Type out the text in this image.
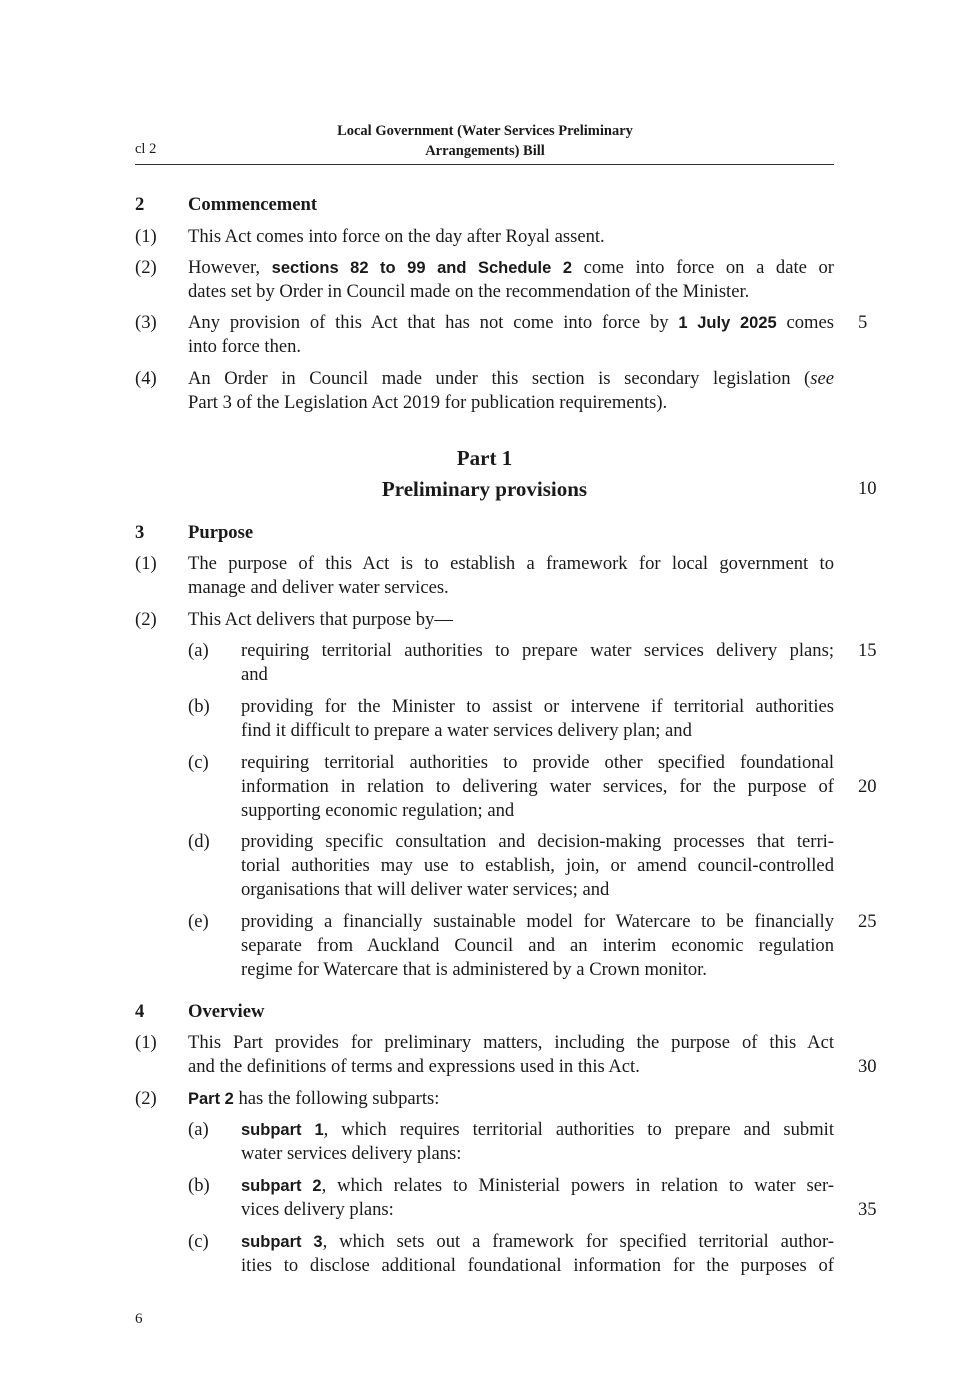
Local Government (Water Services Preliminary
Arrangements) Bill
cl 2
2 Commencement
(1) This Act comes into force on the day after Royal assent.
(2) However, sections 82 to 99 and Schedule 2 come into force on a date or
dates set by Order in Council made on the recommendation of the Minister.
(3) Any provision of this Act that has not come into force by 1 July 2025 comes 5
into force then.
(4) An Order in Council made under this section is secondary legislation (see
Part 3 of the Legislation Act 2019 for publication requirements).
Part 1
Preliminary provisions	10
3 Purpose
(1) The purpose of this Act is to establish a framework for local government to
manage and deliver water services.
(2) This Act delivers that purpose by—
(a) requiring territorial authorities to prepare water services delivery plans; 15
and
(b) providing for the Minister to assist or intervene if territorial authorities
find it difficult to prepare a water services delivery plan; and
(c) requiring territorial authorities to provide other specified foundational
information in relation to delivering water services, for the purpose of 20
supporting economic regulation; and
(d) providing specific consultation and decision-making processes that terri-
torial authorities may use to establish, join, or amend council-controlled
organisations that will deliver water services; and
(e) providing a financially sustainable model for Watercare to be financially 25
separate from Auckland Council and an interim economic regulation
regime for Watercare that is administered by a Crown monitor.
4 Overview
(1) This Part provides for preliminary matters, including the purpose of this Act
and the definitions of terms and expressions used in this Act.	30
(2) Part 2 has the following subparts:
(a) subpart 1, which requires territorial authorities to prepare and submit
water services delivery plans:
(b) subpart 2, which relates to Ministerial powers in relation to water ser-
vices delivery plans:	35
(c) subpart 3, which sets out a framework for specified territorial author-
ities to disclose additional foundational information for the purposes of
6
